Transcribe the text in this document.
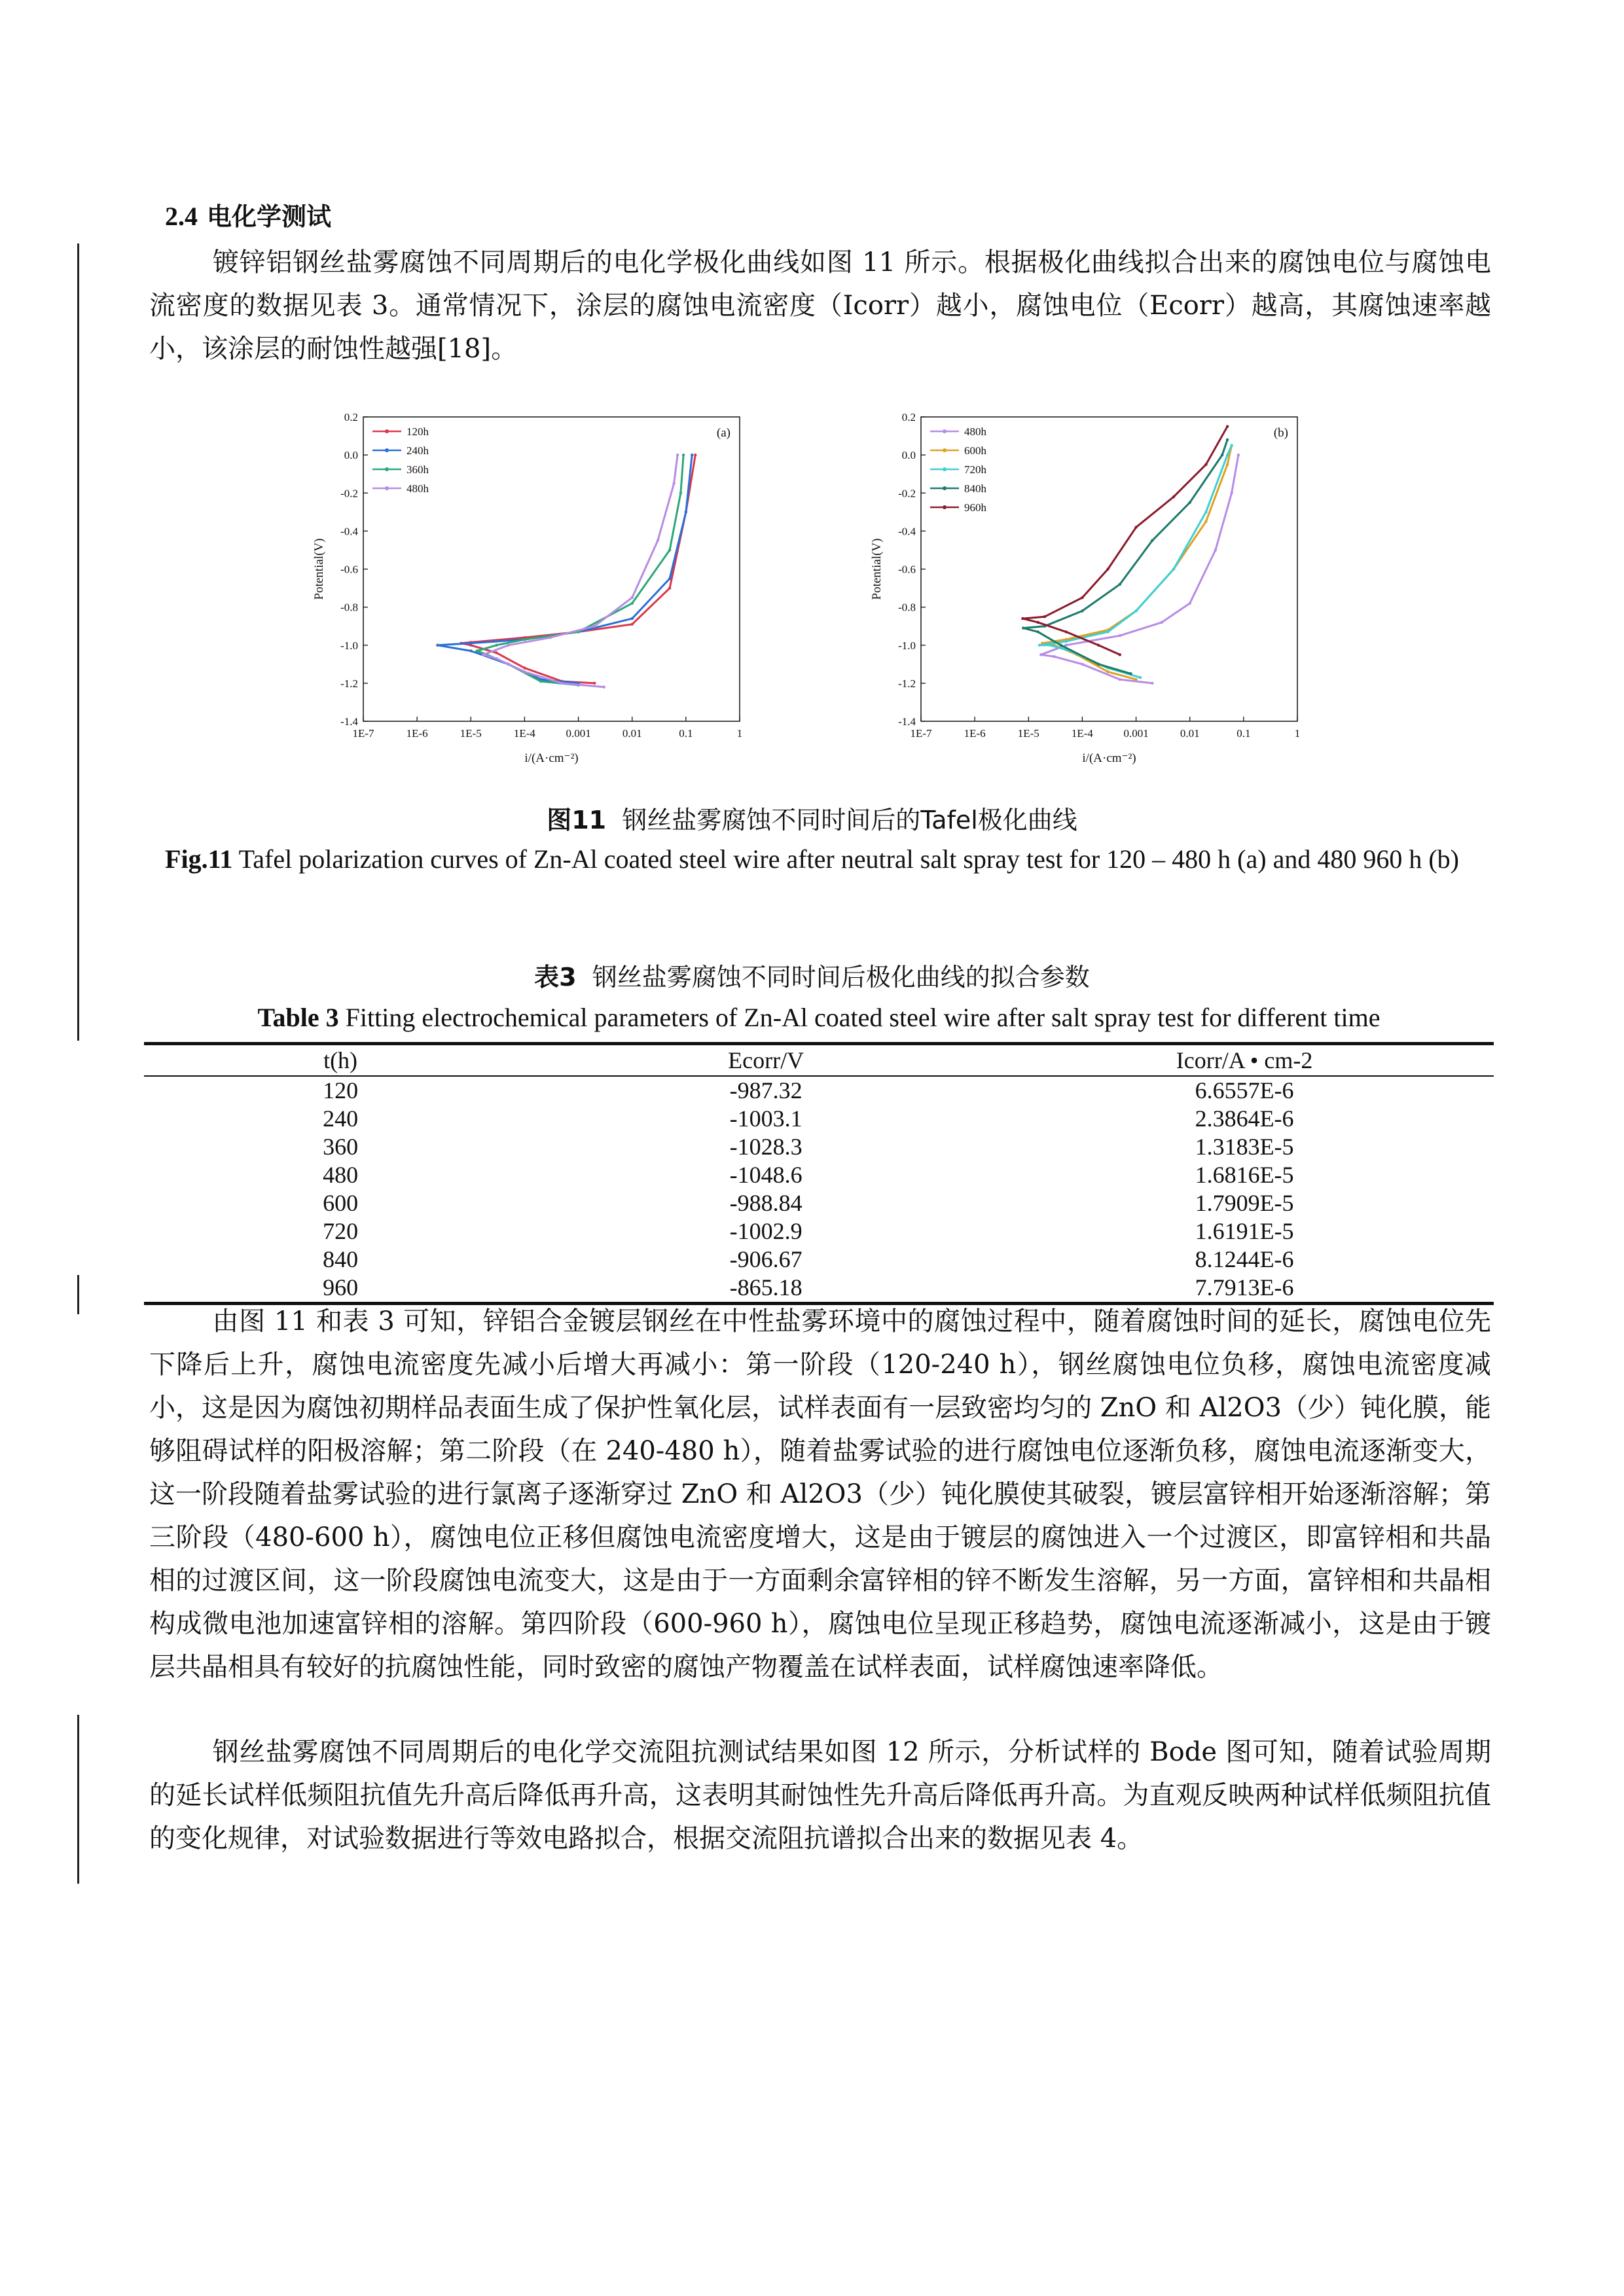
2.4 电化学测试
镀锌铝钢丝盐雾腐蚀不同周期后的电化学极化曲线如图 11 所示。根据极化曲线拟合出来的腐蚀电位与腐蚀电流密度的数据见表 3。通常情况下，涂层的腐蚀电流密度（Icorr）越小，腐蚀电位（Ecorr）越高，其腐蚀速率越小，该涂层的耐蚀性越强[18]。
-1.4
-1.2
-1.0
-0.8
-0.6
-0.4
-0.2
0.0
0.2
1E-7	1E-6	1E-5	1E-4	0.001	0.01	0.1	1
i/(A·cm⁻²)
Potential(V)
(a)
120h
240h
360h
480h
-1.4
-1.2
-1.0
-0.8
-0.6
-0.4
-0.2
0.0
0.2
1E-7	1E-6	1E-5	1E-4	0.001	0.01	0.1	1
i/(A·cm⁻²)
Potential(V)
(b)
480h
600h
720h
840h
960h
图11 钢丝盐雾腐蚀不同时间后的Tafel极化曲线
Fig.11 Tafel polarization curves of Zn-Al coated steel wire after neutral salt spray test for 120 – 480 h (a) and 480 960 h (b)
表3 钢丝盐雾腐蚀不同时间后极化曲线的拟合参数
Table 3 Fitting electrochemical parameters of Zn-Al coated steel wire after salt spray test for different time
t(h)	Ecorr/V	Icorr/A • cm-2
120	-987.32	6.6557E-6
240	-1003.1	2.3864E-6
360	-1028.3	1.3183E-5
480	-1048.6	1.6816E-5
600	-988.84	1.7909E-5
720	-1002.9	1.6191E-5
840	-906.67	8.1244E-6
960	-865.18	7.7913E-6
由图 11 和表 3 可知，锌铝合金镀层钢丝在中性盐雾环境中的腐蚀过程中，随着腐蚀时间的延长，腐蚀电位先下降后上升，腐蚀电流密度先减小后增大再减小：第一阶段（120-240 h），钢丝腐蚀电位负移，腐蚀电流密度减小，这是因为腐蚀初期样品表面生成了保护性氧化层，试样表面有一层致密均匀的 ZnO 和 Al2O3（少）钝化膜，能够阻碍试样的阳极溶解；第二阶段（在 240-480 h），随着盐雾试验的进行腐蚀电位逐渐负移，腐蚀电流逐渐变大，这一阶段随着盐雾试验的进行氯离子逐渐穿过 ZnO 和 Al2O3（少）钝化膜使其破裂，镀层富锌相开始逐渐溶解；第三阶段（480-600 h），腐蚀电位正移但腐蚀电流密度增大，这是由于镀层的腐蚀进入一个过渡区，即富锌相和共晶相的过渡区间，这一阶段腐蚀电流变大，这是由于一方面剩余富锌相的锌不断发生溶解，另一方面，富锌相和共晶相构成微电池加速富锌相的溶解。第四阶段（600-960 h），腐蚀电位呈现正移趋势，腐蚀电流逐渐减小，这是由于镀层共晶相具有较好的抗腐蚀性能，同时致密的腐蚀产物覆盖在试样表面，试样腐蚀速率降低。
钢丝盐雾腐蚀不同周期后的电化学交流阻抗测试结果如图 12 所示，分析试样的 Bode 图可知，随着试验周期的延长试样低频阻抗值先升高后降低再升高，这表明其耐蚀性先升高后降低再升高。为直观反映两种试样低频阻抗值的变化规律，对试验数据进行等效电路拟合，根据交流阻抗谱拟合出来的数据见表 4。
